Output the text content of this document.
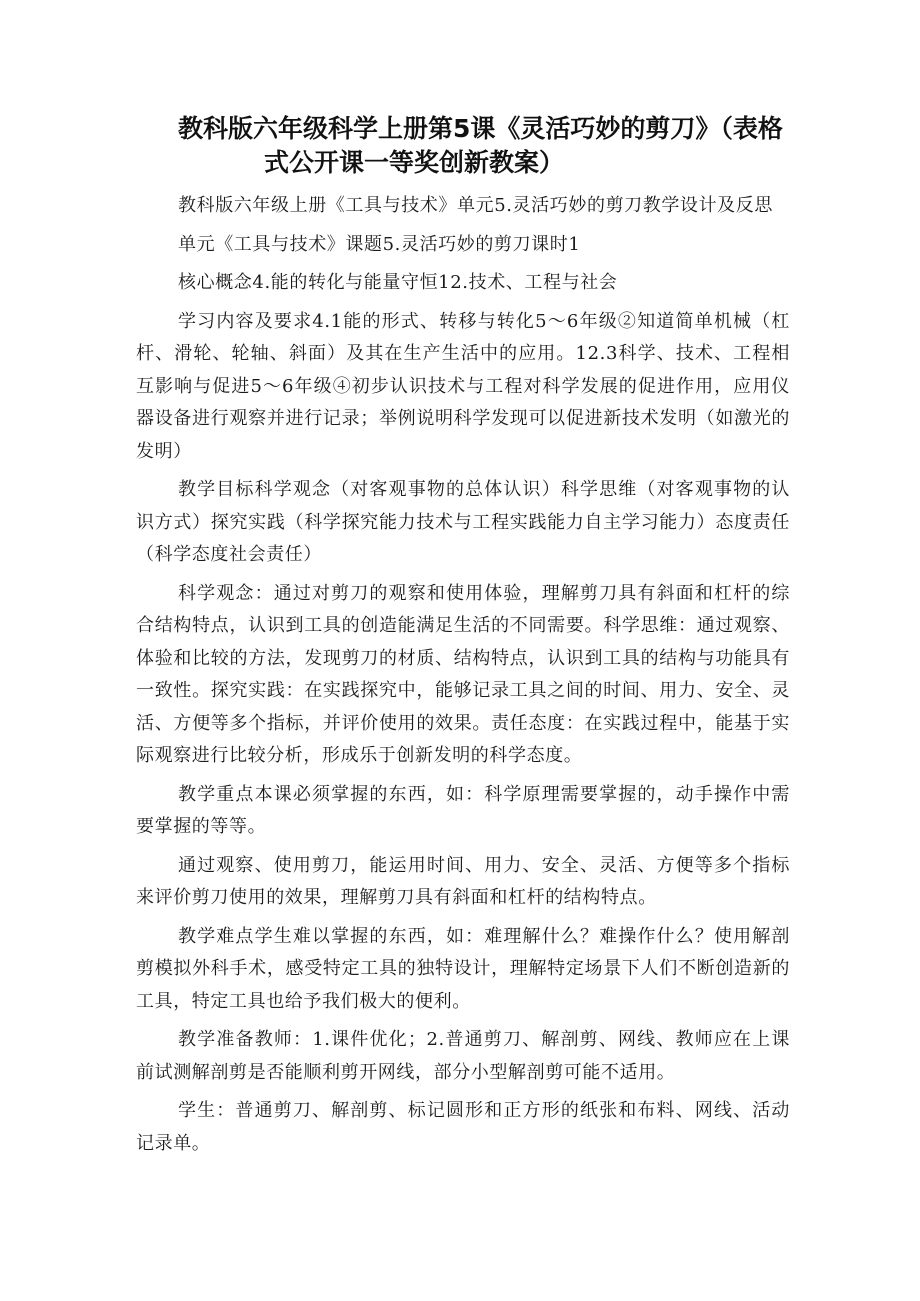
教科版六年级科学上册第5课《灵活巧妙的剪刀》（表格
式公开课一等奖创新教案）

教科版六年级上册《工具与技术》单元5.灵活巧妙的剪刀教学设计及反思

单元《工具与技术》课题5.灵活巧妙的剪刀课时1

核心概念4.能的转化与能量守恒12.技术、工程与社会

学习内容及要求4.1能的形式、转移与转化5～6年级②知道简单机械（杠杆、滑轮、轮轴、斜面）及其在生产生活中的应用。12.3科学、技术、工程相互影响与促进5～6年级④初步认识技术与工程对科学发展的促进作用，应用仪器设备进行观察并进行记录；举例说明科学发现可以促进新技术发明（如激光的发明）

教学目标科学观念（对客观事物的总体认识）科学思维（对客观事物的认识方式）探究实践（科学探究能力技术与工程实践能力自主学习能力）态度责任（科学态度社会责任）

科学观念：通过对剪刀的观察和使用体验，理解剪刀具有斜面和杠杆的综合结构特点，认识到工具的创造能满足生活的不同需要。科学思维：通过观察、体验和比较的方法，发现剪刀的材质、结构特点，认识到工具的结构与功能具有一致性。探究实践：在实践探究中，能够记录工具之间的时间、用力、安全、灵活、方便等多个指标，并评价使用的效果。责任态度：在实践过程中，能基于实际观察进行比较分析，形成乐于创新发明的科学态度。

教学重点本课必须掌握的东西，如：科学原理需要掌握的，动手操作中需要掌握的等等。

通过观察、使用剪刀，能运用时间、用力、安全、灵活、方便等多个指标来评价剪刀使用的效果，理解剪刀具有斜面和杠杆的结构特点。

教学难点学生难以掌握的东西，如：难理解什么？难操作什么？使用解剖剪模拟外科手术，感受特定工具的独特设计，理解特定场景下人们不断创造新的工具，特定工具也给予我们极大的便利。

教学准备教师：1.课件优化；2.普通剪刀、解剖剪、网线、教师应在上课前试测解剖剪是否能顺利剪开网线，部分小型解剖剪可能不适用。

学生：普通剪刀、解剖剪、标记圆形和正方形的纸张和布料、网线、活动记录单。
